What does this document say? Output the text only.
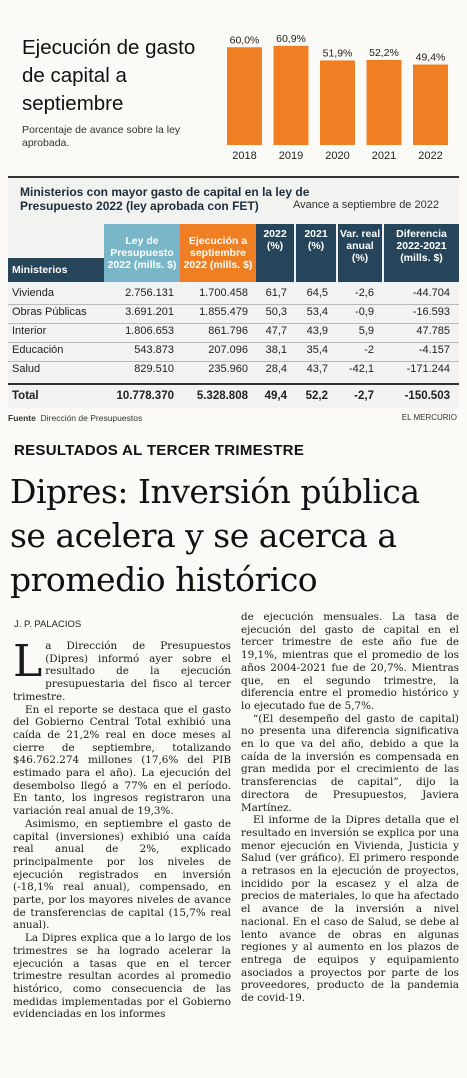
Ejecución de gasto de capital a septiembre
Porcentaje de avance sobre la ley aprobada.
60,0%
2018
60,9%
2019
51,9%
2020
52,2%
2021
49,4%
2022
Ministerios con mayor gasto de capital en la ley de Presupuesto 2022 (ley aprobada con FET)	Avance a septiembre de 2022
Ministerios
Ley de Presupuesto 2022 (mills. $)
Ejecución a septiembre 2022 (mills. $)
2022 (%)
2021 (%)
Var. real anual (%)
Diferencia 2022-2021 (mills. $)
Vivienda	2.756.131 1.700.458 61,7 64,5 -2,6	-44.704
Obras Públicas	3.691.201 1.855.479 50,3 53,4 -0,9	-16.593
Interior	1.806.653	861.796 47,7 43,9	5,9	47.785
Educación	543.873	207.096 38,1 35,4	-2	-4.157
Salud	829.510	235.960 28,4 43,7 -42,1	-171.244
Total	10.778.370 5.328.808 49,4 52,2 -2,7	-150.503
Fuente Dirección de Presupuestos	EL MERCURIO
RESULTADOS AL TERCER TRIMESTRE
Dipres: Inversión pública se acelera y se acerca a promedio histórico
J. P. PALACIOS

La Dirección de Presupuestos (Dipres) informó ayer sobre el resultado de la ejecución presupuestaria del fisco al tercer trimestre.

En el reporte se destaca que el gasto del Gobierno Central Total exhibió una caída de 21,2% real en doce meses al cierre de septiembre, totalizando $46.762.274 millones (17,6% del PIB estimado para el año). La ejecución del desembolso llegó a 77% en el período. En tanto, los ingresos registraron una variación real anual de 19,3%.

Asimismo, en septiembre el gasto de capital (inversiones) exhibió una caída real anual de 2%, explicado principalmente por los niveles de ejecución registrados en inversión (-18,1% real anual), compensado, en parte, por los mayores niveles de avance de transferencias de capital (15,7% real anual).

La Dipres explica que a lo largo de los trimestres se ha logrado acelerar la ejecución a tasas que en el tercer trimestre resultan acordes al promedio histórico, como consecuencia de las medidas implementadas por el Gobierno evidenciadas en los informes

de ejecución mensuales. La tasa de ejecución del gasto de capital en el tercer trimestre de este año fue de 19,1%, mientras que el promedio de los años 2004-2021 fue de 20,7%. Mientras que, en el segundo trimestre, la diferencia entre el promedio histórico y lo ejecutado fue de 5,7%.

“(El desempeño del gasto de capital) no presenta una diferencia significativa en lo que va del año, debido a que la caída de la inversión es compensada en gran medida por el crecimiento de las transferencias de capital”, dijo la directora de Presupuestos, Javiera Martínez.

El informe de la Dipres detalla que el resultado en inversión se explica por una menor ejecución en Vivienda, Justicia y Salud (ver gráfico). El primero responde a retrasos en la ejecución de proyectos, incidido por la escasez y el alza de precios de materiales, lo que ha afectado el avance de la inversión a nivel nacional. En el caso de Salud, se debe al lento avance de obras en algunas regiones y al aumento en los plazos de entrega de equipos y equipamiento asociados a proyectos por parte de los proveedores, producto de la pandemia de covid-19.
